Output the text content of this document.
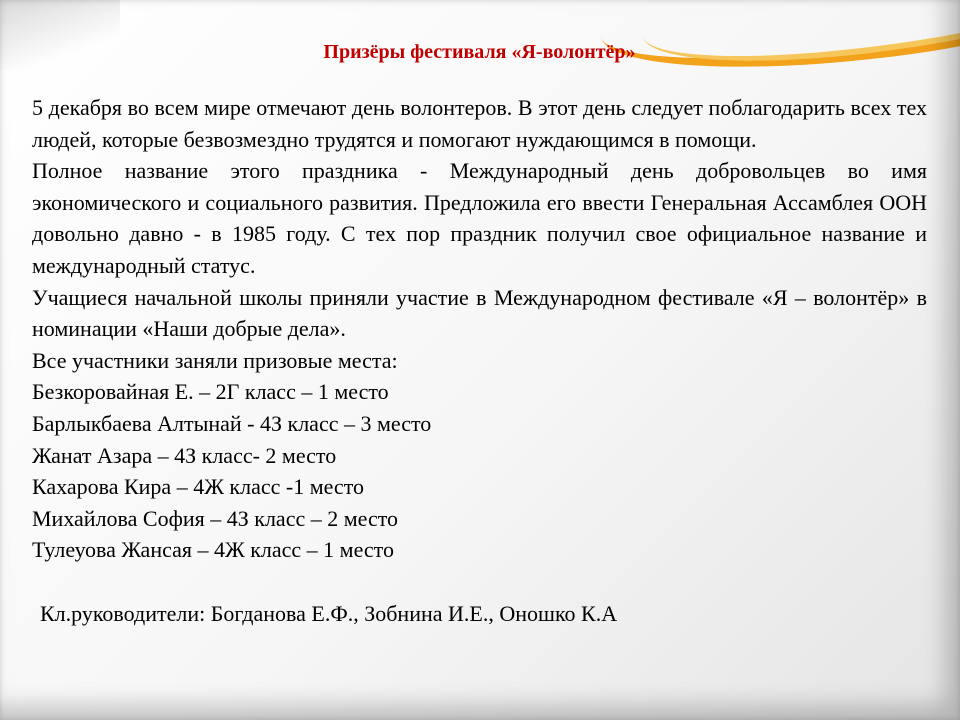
Призёры фестиваля «Я-волонтёр»

5 декабря во всем мире отмечают день волонтеров. В этот день следует поблагодарить всех тех людей, которые безвозмездно трудятся и помогают нуждающимся в помощи.

Полное название этого праздника - Международный день добровольцев во имя экономического и социального развития. Предложила его ввести Генеральная Ассамблея ООН довольно давно - в 1985 году. С тех пор праздник получил свое официальное название и международный статус.

Учащиеся начальной школы приняли участие в Международном фестивале «Я – волонтёр» в номинации «Наши добрые дела».

Все участники заняли призовые места:

Безкоровайная Е. – 2Г класс – 1 место
Барлыкбаева Алтынай - 4З класс – 3 место
Жанат Азара – 4З класс- 2 место
Кахарова Кира – 4Ж класс -1 место
Михайлова София – 4З класс – 2 место
Тулеуова Жансая – 4Ж класс – 1 место

Кл.руководители: Богданова Е.Ф., Зобнина И.Е., Оношко К.А
